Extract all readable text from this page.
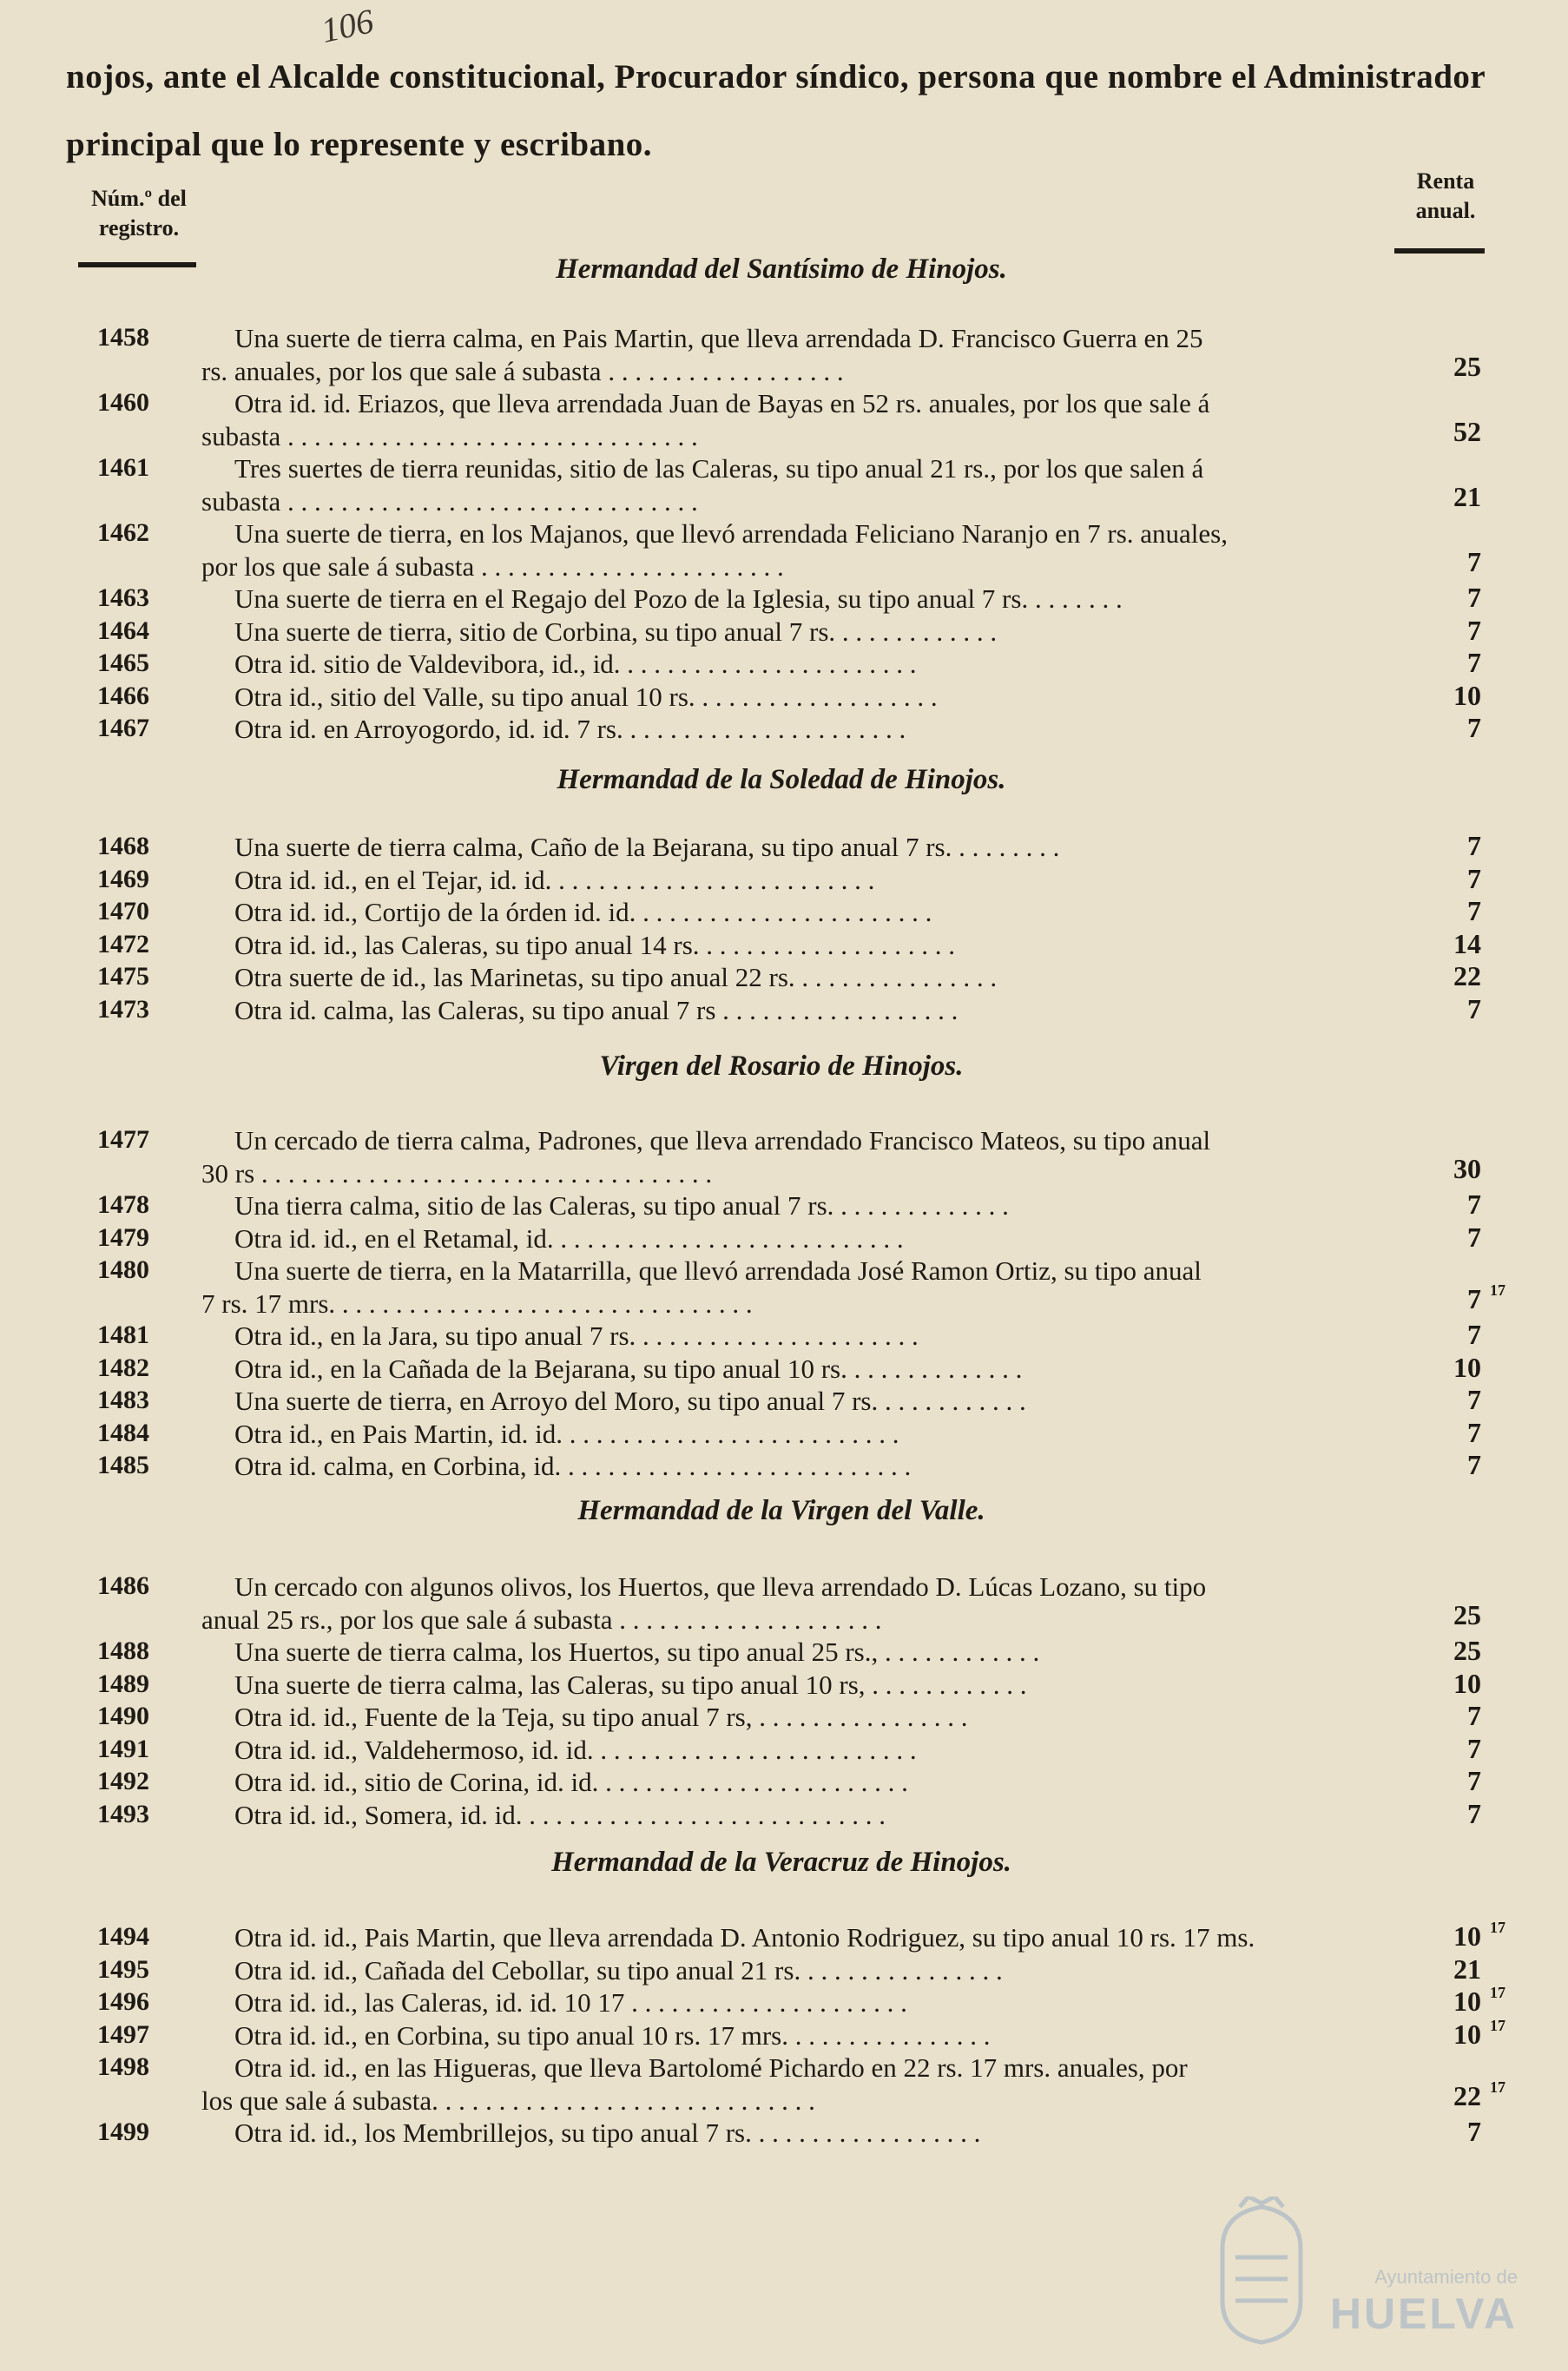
106
nojos, ante el Alcalde constitucional, Procurador síndico, persona que nombre el Administrador principal que lo represente y escribano.
Núm.º del registro.
Renta anual.
Hermandad del Santísimo de Hinojos.
1458	Una suerte de tierra calma, en Pais Martin, que lleva arrendada D. Francisco Guerra en 25
rs. anuales, por los que sale á subasta . . . . . . . . . . . . . . . . . .	25
1460	Otra id. id. Eriazos, que lleva arrendada Juan de Bayas en 52 rs. anuales, por los que sale á
subasta . . . . . . . . . . . . . . . . . . . . . . . . . . . . . . .	52
1461	Tres suertes de tierra reunidas, sitio de las Caleras, su tipo anual 21 rs., por los que salen á
subasta . . . . . . . . . . . . . . . . . . . . . . . . . . . . . . .	21
1462	Una suerte de tierra, en los Majanos, que llevó arrendada Feliciano Naranjo en 7 rs. anuales,
por los que sale á subasta . . . . . . . . . . . . . . . . . . . . . . .	7
1463	Una suerte de tierra en el Regajo del Pozo de la Iglesia, su tipo anual 7 rs. . . . . . . .	7
1464	Una suerte de tierra, sitio de Corbina, su tipo anual 7 rs. . . . . . . . . . . . .	7
1465	Otra id. sitio de Valdevibora, id., id. . . . . . . . . . . . . . . . . . . . . . .	7
1466	Otra id., sitio del Valle, su tipo anual 10 rs. . . . . . . . . . . . . . . . . . .	10
1467	Otra id. en Arroyogordo, id. id. 7 rs. . . . . . . . . . . . . . . . . . . . . .	7
Hermandad de la Soledad de Hinojos.
1468	Una suerte de tierra calma, Caño de la Bejarana, su tipo anual 7 rs. . . . . . . . .	7
1469	Otra id. id., en el Tejar, id. id. . . . . . . . . . . . . . . . . . . . . . . . .	7
1470	Otra id. id., Cortijo de la órden id. id. . . . . . . . . . . . . . . . . . . . . . .	7
1472	Otra id. id., las Caleras, su tipo anual 14 rs. . . . . . . . . . . . . . . . . . . .	14
1475	Otra suerte de id., las Marinetas, su tipo anual 22 rs. . . . . . . . . . . . . . . .	22
1473	Otra id. calma, las Caleras, su tipo anual 7 rs . . . . . . . . . . . . . . . . . .	7
Virgen del Rosario de Hinojos.
1477	Un cercado de tierra calma, Padrones, que lleva arrendado Francisco Mateos, su tipo anual
30 rs . . . . . . . . . . . . . . . . . . . . . . . . . . . . . . . . . .	30
1478	Una tierra calma, sitio de las Caleras, su tipo anual 7 rs. . . . . . . . . . . . . .	7
1479	Otra id. id., en el Retamal, id. . . . . . . . . . . . . . . . . . . . . . . . . . .	7
1480	Una suerte de tierra, en la Matarrilla, que llevó arrendada José Ramon Ortiz, su tipo anual
7 rs. 17 mrs. . . . . . . . . . . . . . . . . . . . . . . . . . . . . . . .	7 17
1481	Otra id., en la Jara, su tipo anual 7 rs. . . . . . . . . . . . . . . . . . . . . .	7
1482	Otra id., en la Cañada de la Bejarana, su tipo anual 10 rs. . . . . . . . . . . . . .	10
1483	Una suerte de tierra, en Arroyo del Moro, su tipo anual 7 rs. . . . . . . . . . . .	7
1484	Otra id., en Pais Martin, id. id. . . . . . . . . . . . . . . . . . . . . . . . . .	7
1485	Otra id. calma, en Corbina, id. . . . . . . . . . . . . . . . . . . . . . . . . . .	7
Hermandad de la Virgen del Valle.
1486	Un cercado con algunos olivos, los Huertos, que lleva arrendado D. Lúcas Lozano, su tipo
anual 25 rs., por los que sale á subasta . . . . . . . . . . . . . . . . . . . .	25
1488	Una suerte de tierra calma, los Huertos, su tipo anual 25 rs., . . . . . . . . . . . .	25
1489	Una suerte de tierra calma, las Caleras, su tipo anual 10 rs, . . . . . . . . . . . .	10
1490	Otra id. id., Fuente de la Teja, su tipo anual 7 rs, . . . . . . . . . . . . . . . .	7
1491	Otra id. id., Valdehermoso, id. id. . . . . . . . . . . . . . . . . . . . . . . . .	7
1492	Otra id. id., sitio de Corina, id. id. . . . . . . . . . . . . . . . . . . . . . . .	7
1493	Otra id. id., Somera, id. id. . . . . . . . . . . . . . . . . . . . . . . . . . . .	7
Hermandad de la Veracruz de Hinojos.
1494	Otra id. id., Pais Martin, que lleva arrendada D. Antonio Rodriguez, su tipo anual 10 rs. 17 ms.	10 17
1495	Otra id. id., Cañada del Cebollar, su tipo anual 21 rs. . . . . . . . . . . . . . . .	21
1496	Otra id. id., las Caleras, id. id. 10 17 . . . . . . . . . . . . . . . . . . . . .	10 17
1497	Otra id. id., en Corbina, su tipo anual 10 rs. 17 mrs. . . . . . . . . . . . . . . .	10 17
1498	Otra id. id., en las Higueras, que lleva Bartolomé Pichardo en 22 rs. 17 mrs. anuales, por
los que sale á subasta. . . . . . . . . . . . . . . . . . . . . . . . . . . . .	22 17
1499	Otra id. id., los Membrillejos, su tipo anual 7 rs. . . . . . . . . . . . . . . . . .	7
Ayuntamiento de
HUELVA
